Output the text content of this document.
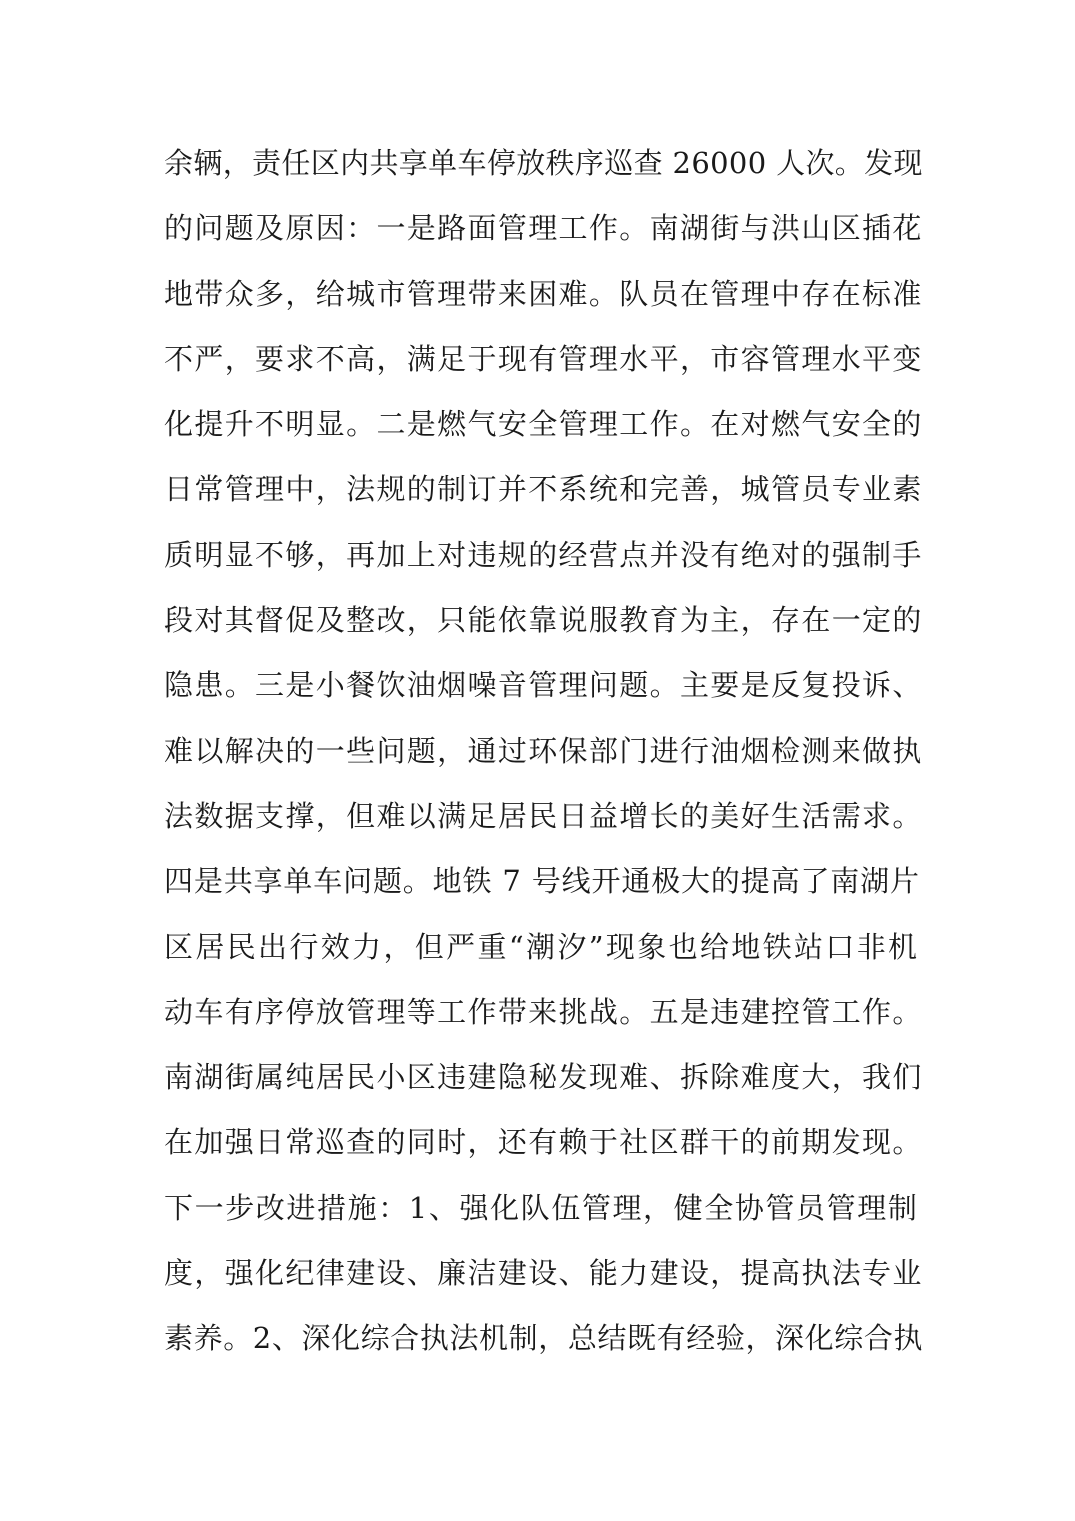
余辆，责任区内共享单车停放秩序巡查 26000 人次。发现
的问题及原因：一是路面管理工作。南湖街与洪山区插花
地带众多，给城市管理带来困难。队员在管理中存在标准
不严，要求不高，满足于现有管理水平，市容管理水平变
化提升不明显。二是燃气安全管理工作。在对燃气安全的
日常管理中，法规的制订并不系统和完善，城管员专业素
质明显不够，再加上对违规的经营点并没有绝对的强制手
段对其督促及整改，只能依靠说服教育为主，存在一定的
隐患。三是小餐饮油烟噪音管理问题。主要是反复投诉、
难以解决的一些问题，通过环保部门进行油烟检测来做执
法数据支撑，但难以满足居民日益增长的美好生活需求。
四是共享单车问题。地铁 7 号线开通极大的提高了南湖片
区居民出行效力，但严重“潮汐”现象也给地铁站口非机
动车有序停放管理等工作带来挑战。五是违建控管工作。
南湖街属纯居民小区违建隐秘发现难、拆除难度大，我们
在加强日常巡查的同时，还有赖于社区群干的前期发现。
下一步改进措施：1、强化队伍管理，健全协管员管理制
度，强化纪律建设、廉洁建设、能力建设，提高执法专业
素养。2、深化综合执法机制，总结既有经验，深化综合执
